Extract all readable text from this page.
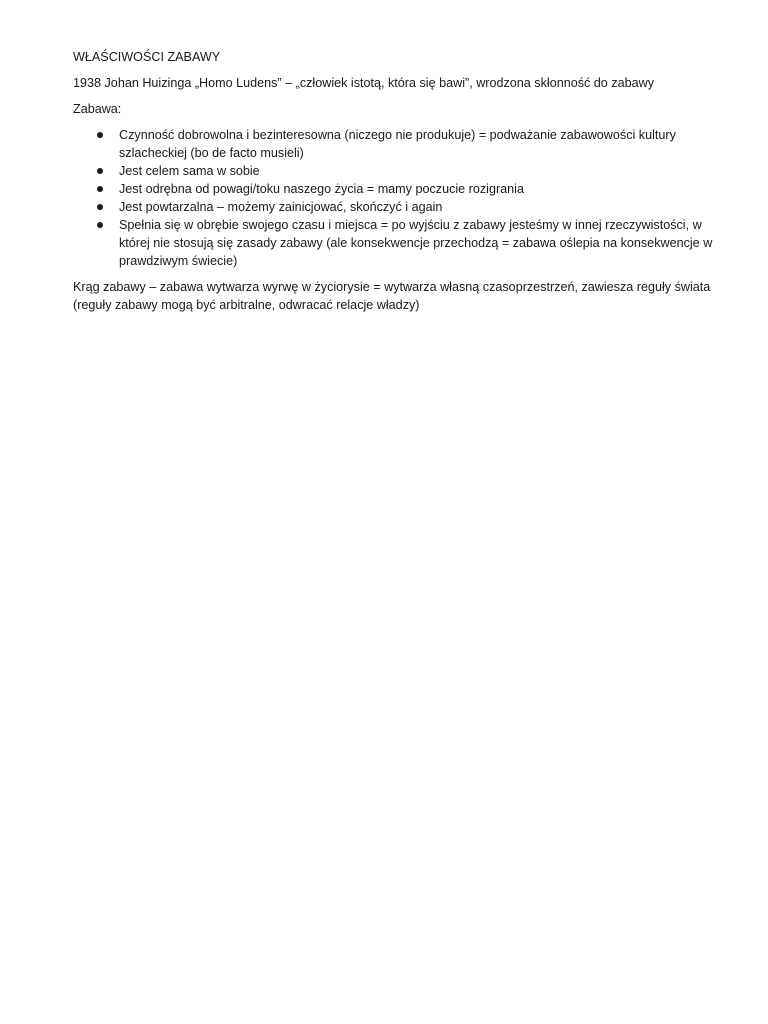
WŁAŚCIWOŚCI ZABAWY

1938 Johan Huizinga „Homo Ludens” – „człowiek istotą, która się bawi”, wrodzona skłonność do zabawy

Zabawa:

Czynność dobrowolna i bezinteresowna (niczego nie produkuje) = podważanie zabawowości kultury szlacheckiej (bo de facto musieli)
Jest celem sama w sobie
Jest odrębna od powagi/toku naszego życia = mamy poczucie rozigrania
Jest powtarzalna – możemy zainicjować, skończyć i again
Spełnia się w obrębie swojego czasu i miejsca = po wyjściu z zabawy jesteśmy w innej rzeczywistości, w której nie stosują się zasady zabawy (ale konsekwencje przechodzą = zabawa oślepia na konsekwencje w prawdziwym świecie)

Krąg zabawy – zabawa wytwarza wyrwę w życiorysie = wytwarza własną czasoprzestrzeń, zawiesza reguły świata (reguły zabawy mogą być arbitralne, odwracać relacje władzy)
